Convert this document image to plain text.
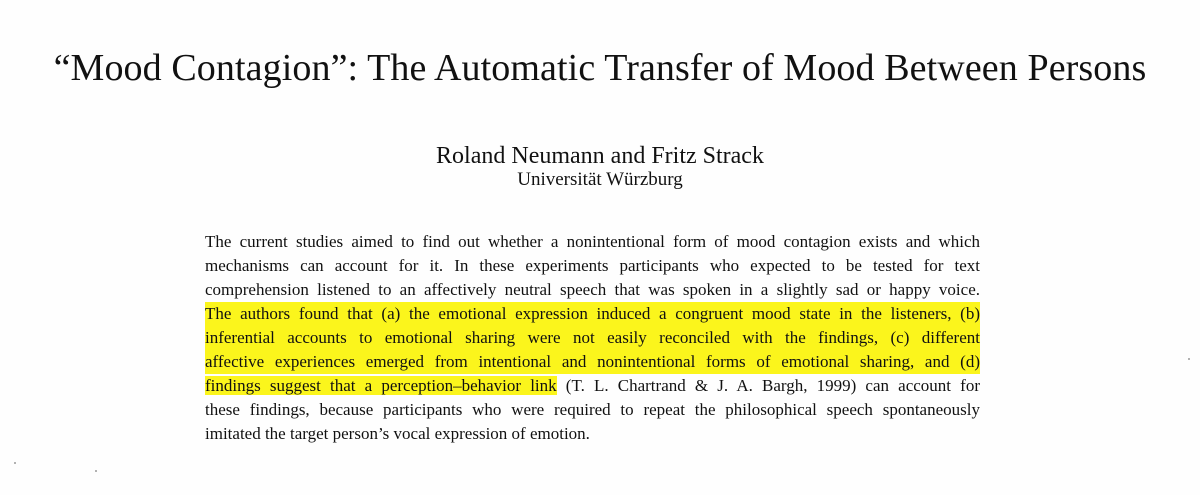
“Mood Contagion”: The Automatic Transfer of Mood Between Persons
Roland Neumann and Fritz Strack
Universität Würzburg
The current studies aimed to find out whether a nonintentional form of mood contagion exists and which
mechanisms can account for it. In these experiments participants who expected to be tested for text
comprehension listened to an affectively neutral speech that was spoken in a slightly sad or happy voice.
The authors found that (a) the emotional expression induced a congruent mood state in the listeners, (b)
inferential accounts to emotional sharing were not easily reconciled with the findings, (c) different
affective experiences emerged from intentional and nonintentional forms of emotional sharing, and (d)
findings suggest that a perception–behavior link (T. L. Chartrand & J. A. Bargh, 1999) can account for
these findings, because participants who were required to repeat the philosophical speech spontaneously
imitated the target person’s vocal expression of emotion.
